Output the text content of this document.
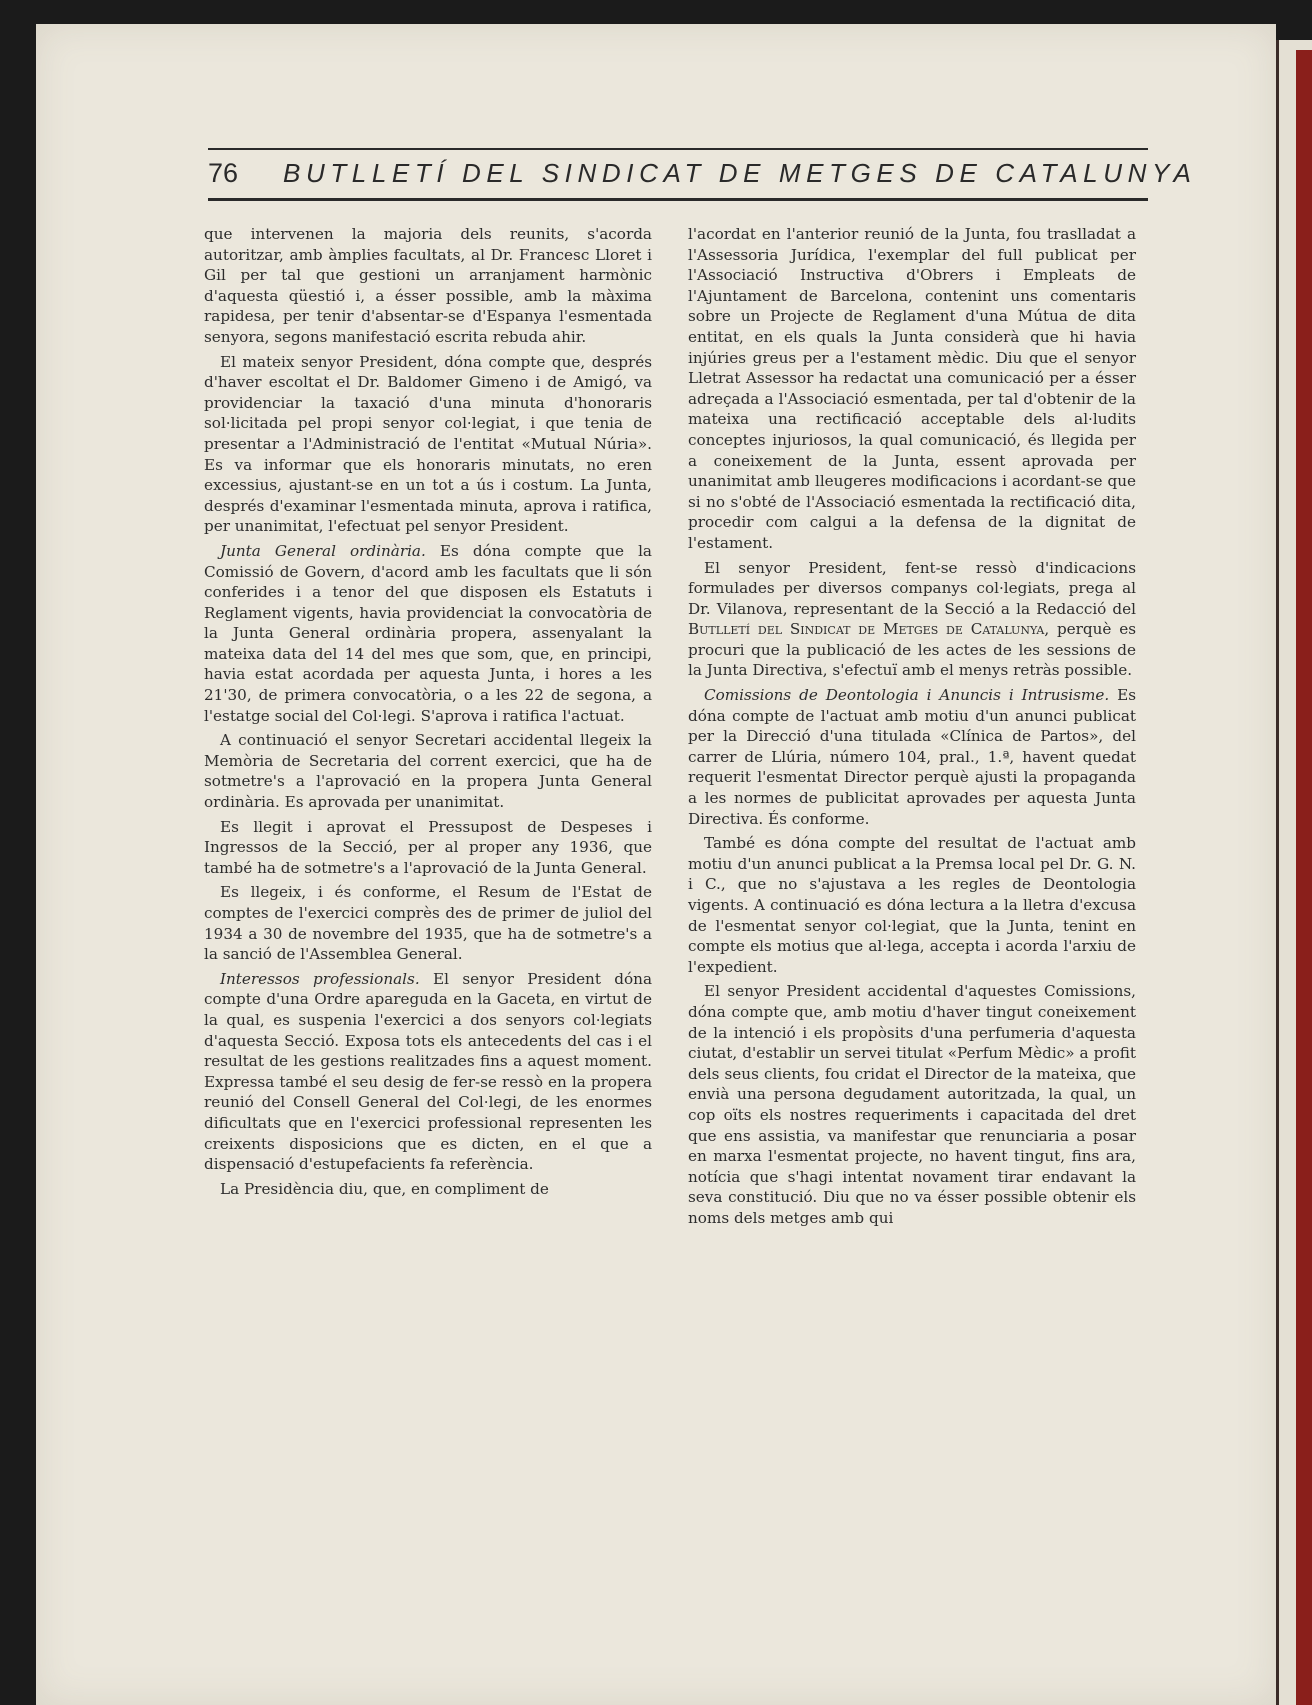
76 BUTLLETÍ DEL SINDICAT DE METGES DE CATALUNYA

que intervenen la majoria dels reunits, s'acorda autoritzar, amb àmplies facultats, al Dr. Francesc Lloret i Gil per tal que gestioni un arranjament harmònic d'aquesta qüestió i, a ésser possible, amb la màxima rapidesa, per tenir d'absentar-se d'Espanya l'esmentada senyora, segons manifestació escrita rebuda ahir.

El mateix senyor President, dóna compte que, després d'haver escoltat el Dr. Baldomer Gimeno i de Amigó, va providenciar la taxació d'una minuta d'honoraris sol·licitada pel propi senyor col·legiat, i que tenia de presentar a l'Administració de l'entitat «Mutual Núria». Es va informar que els honoraris minutats, no eren excessius, ajustant-se en un tot a ús i costum. La Junta, després d'examinar l'esmentada minuta, aprova i ratifica, per unanimitat, l'efectuat pel senyor President.

Junta General ordinària. Es dóna compte que la Comissió de Govern, d'acord amb les facultats que li són conferides i a tenor del que disposen els Estatuts i Reglament vigents, havia providenciat la convocatòria de la Junta General ordinària propera, assenyalant la mateixa data del 14 del mes que som, que, en principi, havia estat acordada per aquesta Junta, i hores a les 21'30, de primera convocatòria, o a les 22 de segona, a l'estatge social del Col·legi. S'aprova i ratifica l'actuat.

A continuació el senyor Secretari accidental llegeix la Memòria de Secretaria del corrent exercici, que ha de sotmetre's a l'aprovació en la propera Junta General ordinària. Es aprovada per unanimitat.

Es llegit i aprovat el Pressupost de Despeses i Ingressos de la Secció, per al proper any 1936, que també ha de sotmetre's a l'aprovació de la Junta General.

Es llegeix, i és conforme, el Resum de l'Estat de comptes de l'exercici comprès des de primer de juliol del 1934 a 30 de novembre del 1935, que ha de sotmetre's a la sanció de l'Assemblea General.

Interessos professionals. El senyor President dóna compte d'una Ordre apareguda en la Gaceta, en virtut de la qual, es suspenia l'exercici a dos senyors col·legiats d'aquesta Secció. Exposa tots els antecedents del cas i el resultat de les gestions realitzades fins a aquest moment. Expressa també el seu desig de fer-se ressò en la propera reunió del Consell General del Col·legi, de les enormes dificultats que en l'exercici professional representen les creixents disposicions que es dicten, en el que a dispensació d'estupefacients fa referència.

La Presidència diu, que, en compliment de

l'acordat en l'anterior reunió de la Junta, fou traslladat a l'Assessoria Jurídica, l'exemplar del full publicat per l'Associació Instructiva d'Obrers i Empleats de l'Ajuntament de Barcelona, contenint uns comentaris sobre un Projecte de Reglament d'una Mútua de dita entitat, en els quals la Junta considerà que hi havia injúries greus per a l'estament mèdic. Diu que el senyor Lletrat Assessor ha redactat una comunicació per a ésser adreçada a l'Associació esmentada, per tal d'obtenir de la mateixa una rectificació acceptable dels al·ludits conceptes injuriosos, la qual comunicació, és llegida per a coneixement de la Junta, essent aprovada per unanimitat amb lleugeres modificacions i acordant-se que si no s'obté de l'Associació esmentada la rectificació dita, procedir com calgui a la defensa de la dignitat de l'estament.

El senyor President, fent-se ressò d'indicacions formulades per diversos companys col·legiats, prega al Dr. Vilanova, representant de la Secció a la Redacció del Butlletí del Sindicat de Metges de Catalunya, perquè es procuri que la publicació de les actes de les sessions de la Junta Directiva, s'efectuï amb el menys retràs possible.

Comissions de Deontologia i Anuncis i Intrusisme. Es dóna compte de l'actuat amb motiu d'un anunci publicat per la Direcció d'una titulada «Clínica de Partos», del carrer de Llúria, número 104, pral., 1.ª, havent quedat requerit l'esmentat Director perquè ajusti la propaganda a les normes de publicitat aprovades per aquesta Junta Directiva. És conforme.

També es dóna compte del resultat de l'actuat amb motiu d'un anunci publicat a la Premsa local pel Dr. G. N. i C., que no s'ajustava a les regles de Deontologia vigents. A continuació es dóna lectura a la lletra d'excusa de l'esmentat senyor col·legiat, que la Junta, tenint en compte els motius que al·lega, accepta i acorda l'arxiu de l'expedient.

El senyor President accidental d'aquestes Comissions, dóna compte que, amb motiu d'haver tingut coneixement de la intenció i els propòsits d'una perfumeria d'aquesta ciutat, d'establir un servei titulat «Perfum Mèdic» a profit dels seus clients, fou cridat el Director de la mateixa, que envià una persona degudament autoritzada, la qual, un cop oïts els nostres requeriments i capacitada del dret que ens assistia, va manifestar que renunciaria a posar en marxa l'esmentat projecte, no havent tingut, fins ara, notícia que s'hagi intentat novament tirar endavant la seva constitució. Diu que no va ésser possible obtenir els noms dels metges amb qui
